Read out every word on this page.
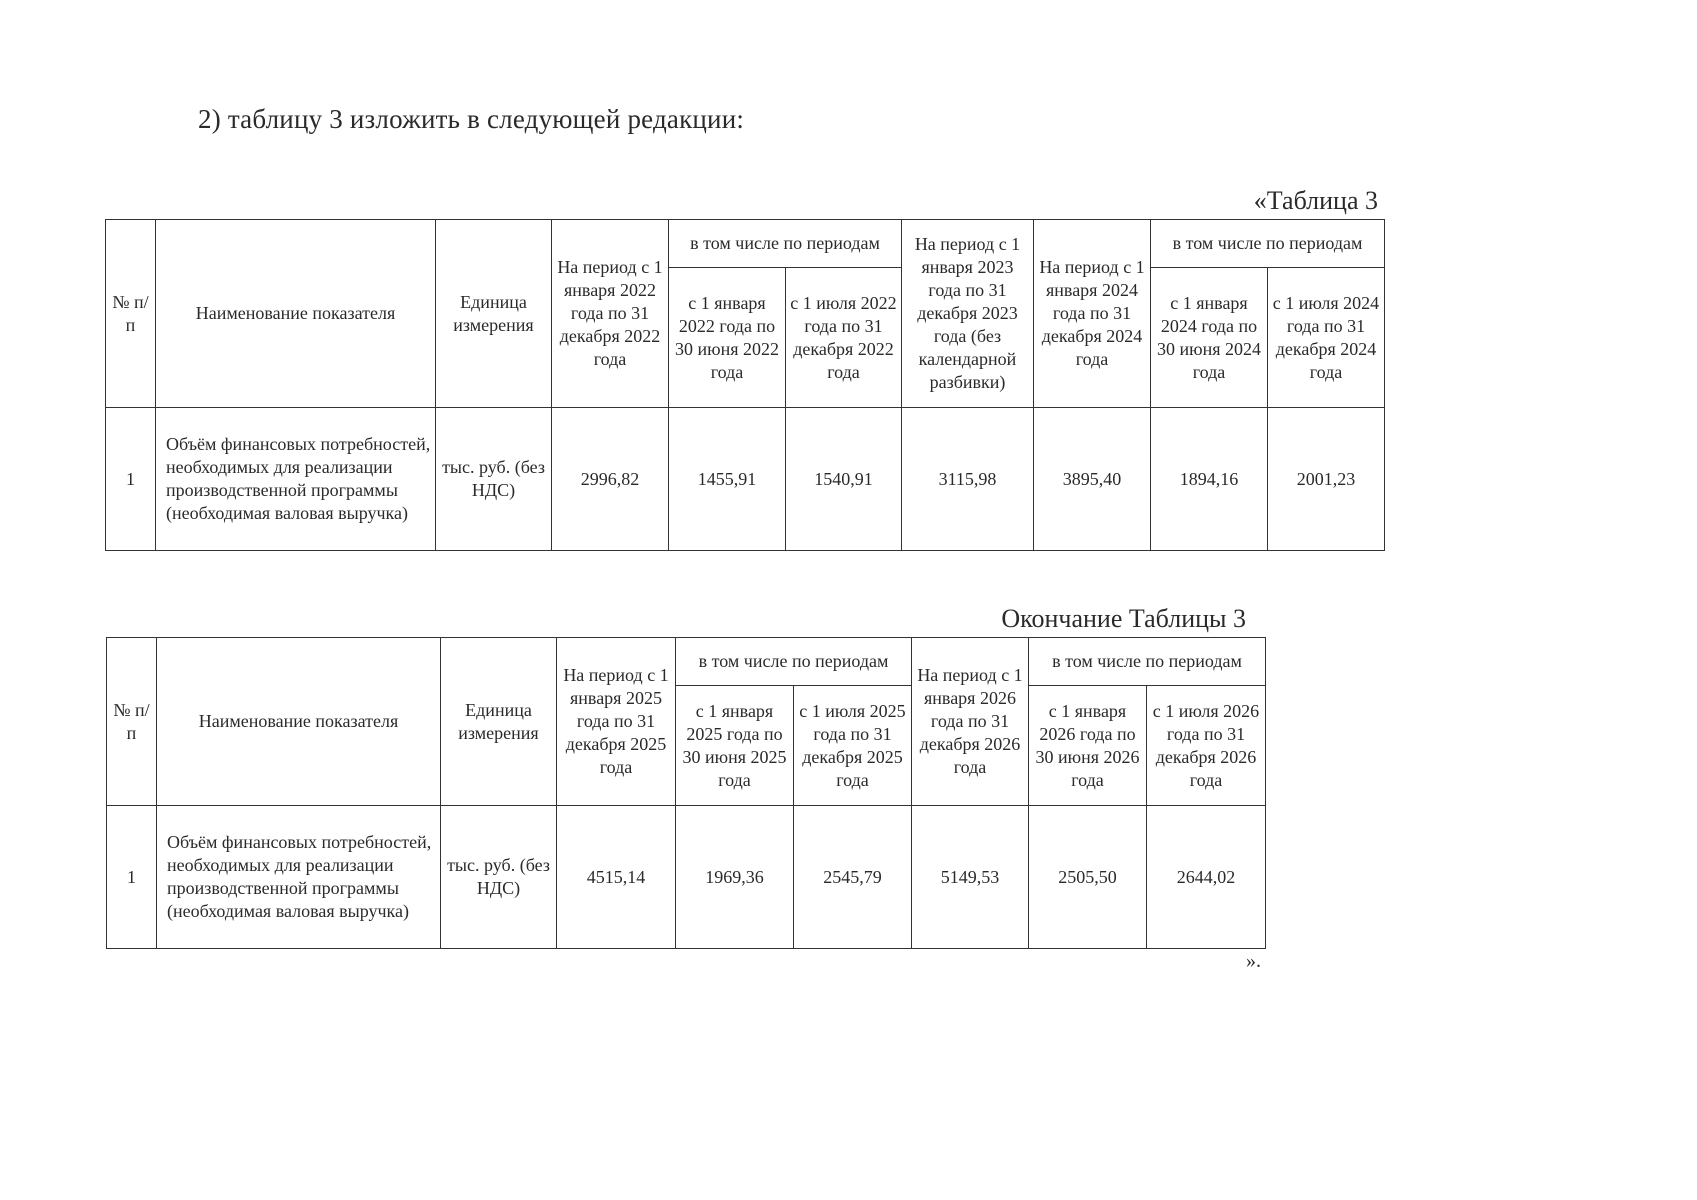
2) таблицу 3 изложить в следующей редакции:
«Таблица 3
№ п/п	Наименование показателя	Единица измерения	На период с 1 января 2022 года по 31 декабря 2022 года	в том числе по периодам		На период с 1 января 2023 года по 31 декабря 2023 года (без календарной разбивки)	На период с 1 января 2024 года по 31 декабря 2024 года	в том числе по периодам	
				с 1 января 2022 года по 30 июня 2022 года	с 1 июля 2022 года по 31 декабря 2022 года			с 1 января 2024 года по 30 июня 2024 года	с 1 июля 2024 года по 31 декабря 2024 года
1	Объём финансовых потребностей, необходимых для реализации производственной программы (необходимая валовая выручка)	тыс. руб. (без НДС)	2996,82	1455,91	1540,91	3115,98	3895,40	1894,16	2001,23
Окончание Таблицы 3
№ п/п	Наименование показателя	Единица измерения	На период с 1 января 2025 года по 31 декабря 2025 года	в том числе по периодам		На период с 1 января 2026 года по 31 декабря 2026 года	в том числе по периодам	
				с 1 января 2025 года по 30 июня 2025 года	с 1 июля 2025 года по 31 декабря 2025 года		с 1 января 2026 года по 30 июня 2026 года	с 1 июля 2026 года по 31 декабря 2026 года
1	Объём финансовых потребностей, необходимых для реализации производственной программы (необходимая валовая выручка)	тыс. руб. (без НДС)	4515,14	1969,36	2545,79	5149,53	2505,50	2644,02
».
